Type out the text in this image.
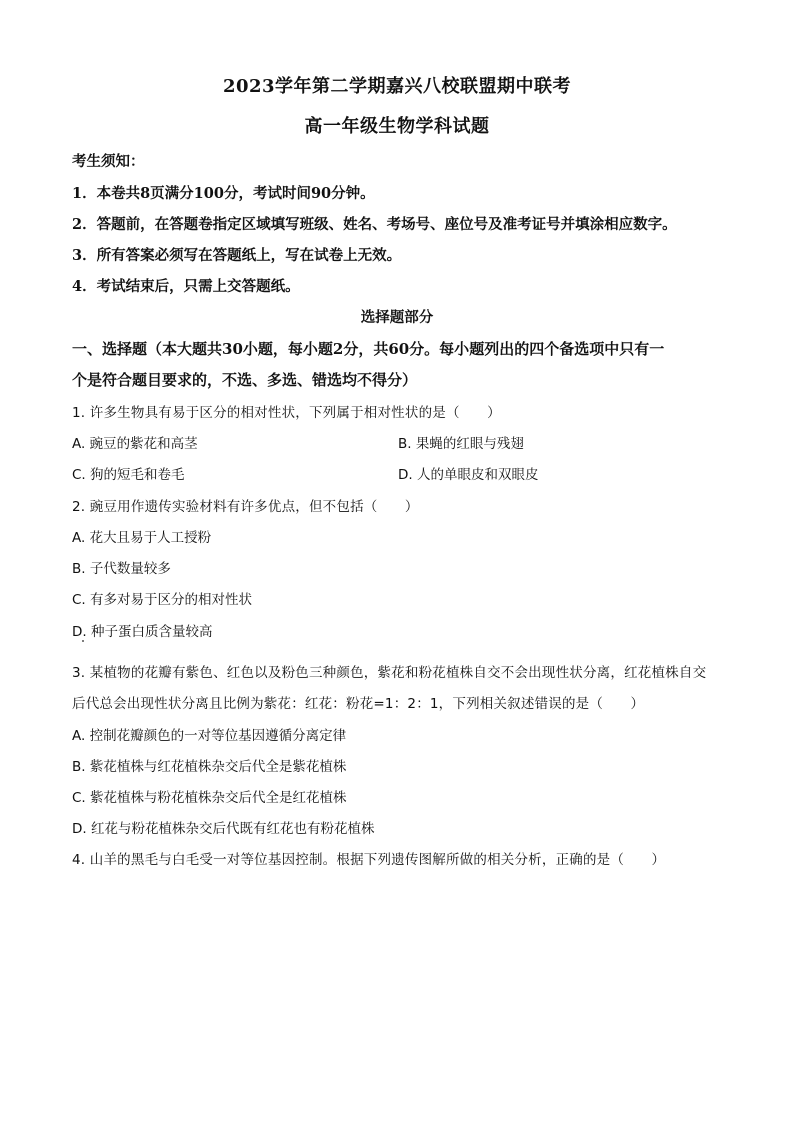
2023学年第二学期嘉兴八校联盟期中联考
高一年级生物学科试题
考生须知：
1．本卷共8页满分100分，考试时间90分钟。
2．答题前，在答题卷指定区域填写班级、姓名、考场号、座位号及准考证号并填涂相应数字。
3．所有答案必须写在答题纸上，写在试卷上无效。
4．考试结束后，只需上交答题纸。
选择题部分
一、选择题（本大题共30小题，每小题2分，共60分。每小题列出的四个备选项中只有一
个是符合题目要求的，不选、多选、错选均不得分）
1. 许多生物具有易于区分的相对性状，下列属于相对性状的是（　　）
A. 豌豆的紫花和高茎	B. 果蝇的红眼与残翅
C. 狗的短毛和卷毛	D. 人的单眼皮和双眼皮
2. 豌豆用作遗传实验材料有许多优点，但不包括（　　）
A. 花大且易于人工授粉
B. 子代数量较多
C. 有多对易于区分的相对性状
D. 种子蛋白质含量较高
3. 某植物的花瓣有紫色、红色以及粉色三种颜色，紫花和粉花植株自交不会出现性状分离，红花植株自交
后代总会出现性状分离且比例为紫花：红花：粉花=1：2：1，下列相关叙述错误的是（　　）
A. 控制花瓣颜色的一对等位基因遵循分离定律
B. 紫花植株与红花植株杂交后代全是紫花植株
C. 紫花植株与粉花植株杂交后代全是红花植株
D. 红花与粉花植株杂交后代既有红花也有粉花植株
4. 山羊的黑毛与白毛受一对等位基因控制。根据下列遗传图解所做的相关分析，正确的是（　　）
